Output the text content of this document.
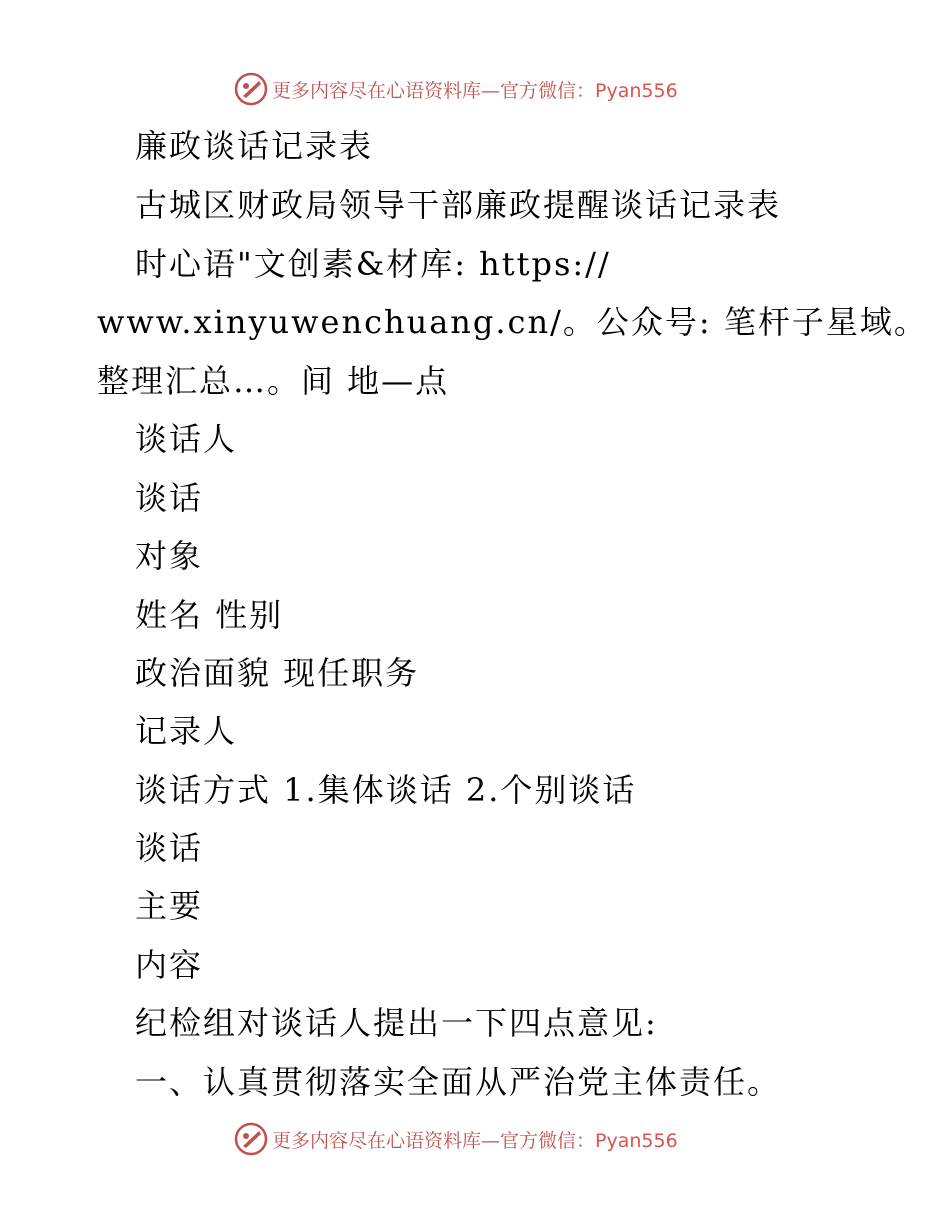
更多内容尽在心语资料库—官方微信：Pyan556
廉政谈话记录表
古城区财政局领导干部廉政提醒谈话记录表
时心语"文创素&材库: https://
www.xinyuwenchuang.cn/。公众号: 笔杆子星域。
整理汇总…。间 地—点
谈话人
谈话
对象
姓名 性别
政治面貌 现任职务
记录人
谈话方式 1.集体谈话 2.个别谈话
谈话
主要
内容
纪检组对谈话人提出一下四点意见:
一、认真贯彻落实全面从严治党主体责任。
更多内容尽在心语资料库—官方微信：Pyan556
